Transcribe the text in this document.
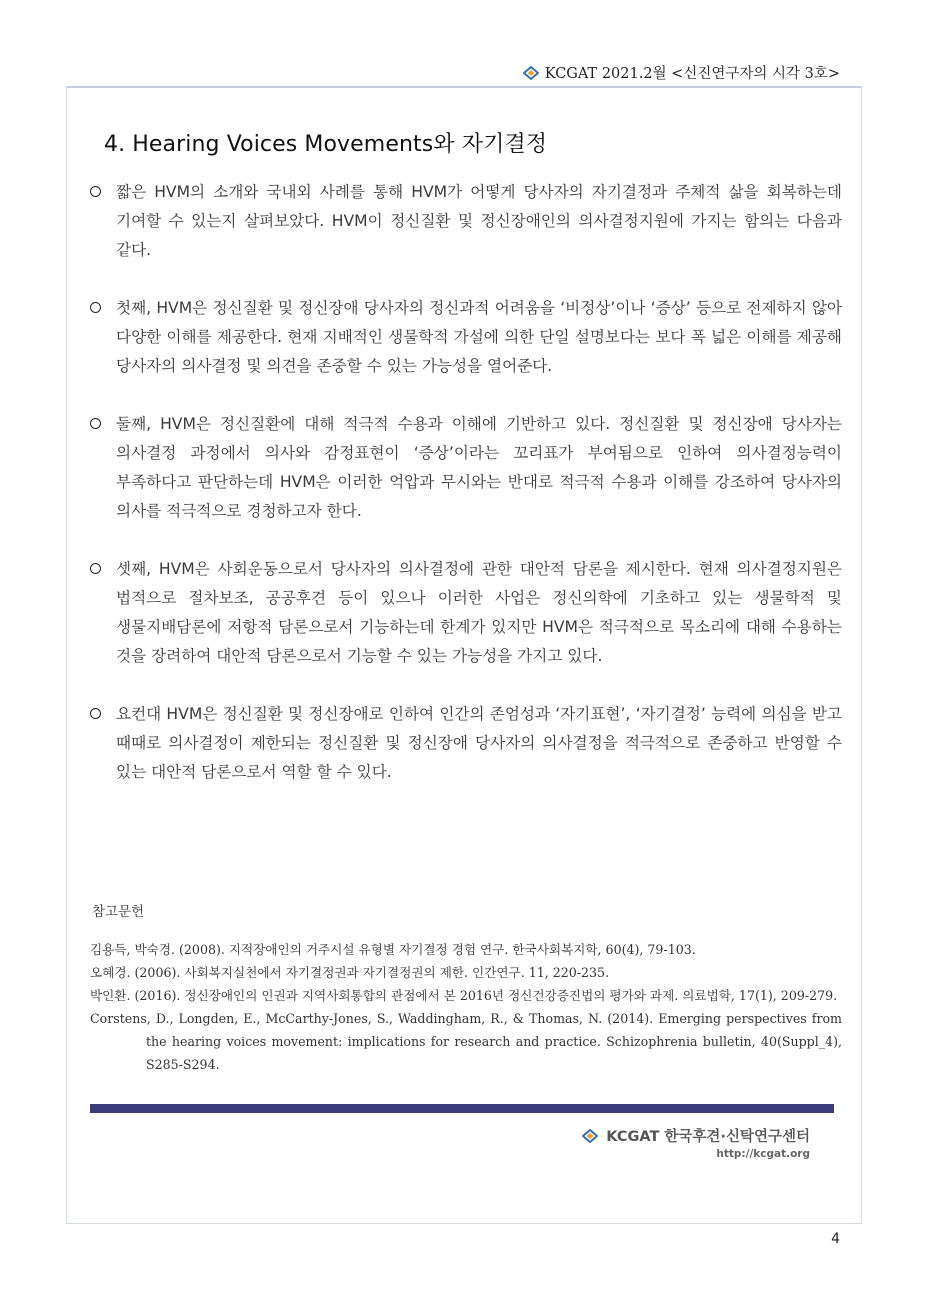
KCGAT 2021.2월 <신진연구자의 시각 3호>
4. Hearing Voices Movements와 자기결정
짧은 HVM의 소개와 국내외 사례를 통해 HVM가 어떻게 당사자의 자기결정과 주체적 삶을 회복하는데 기여할 수 있는지 살펴보았다. HVM이 정신질환 및 정신장애인의 의사결정지원에 가지는 함의는 다음과 같다.
첫째, HVM은 정신질환 및 정신장애 당사자의 정신과적 어려움을 ‘비정상’이나 ‘증상’ 등으로 전제하지 않아 다양한 이해를 제공한다. 현재 지배적인 생물학적 가설에 의한 단일 설명보다는 보다 폭 넓은 이해를 제공해 당사자의 의사결정 및 의견을 존중할 수 있는 가능성을 열어준다.
둘째, HVM은 정신질환에 대해 적극적 수용과 이해에 기반하고 있다. 정신질환 및 정신장애 당사자는 의사결정 과정에서 의사와 감정표현이 ‘증상’이라는 꼬리표가 부여됨으로 인하여 의사결정능력이 부족하다고 판단하는데 HVM은 이러한 억압과 무시와는 반대로 적극적 수용과 이해를 강조하여 당사자의 의사를 적극적으로 경청하고자 한다.
셋째, HVM은 사회운동으로서 당사자의 의사결정에 관한 대안적 담론을 제시한다. 현재 의사결정지원은 법적으로 절차보조, 공공후견 등이 있으나 이러한 사업은 정신의학에 기초하고 있는 생물학적 및 생물지배담론에 저항적 담론으로서 기능하는데 한계가 있지만 HVM은 적극적으로 목소리에 대해 수용하는 것을 장려하여 대안적 담론으로서 기능할 수 있는 가능성을 가지고 있다.
요컨대 HVM은 정신질환 및 정신장애로 인하여 인간의 존엄성과 ‘자기표현’, ‘자기결정’ 능력에 의심을 받고 때때로 의사결정이 제한되는 정신질환 및 정신장애 당사자의 의사결정을 적극적으로 존중하고 반영할 수 있는 대안적 담론으로서 역할 할 수 있다.
참고문헌
김용득, 박숙경. (2008). 지적장애인의 거주시설 유형별 자기결정 경험 연구. 한국사회복지학, 60(4), 79-103.
오혜경. (2006). 사회복지실천에서 자기결정권과 자기결정권의 제한. 인간연구. 11, 220-235.
박인환. (2016). 정신장애인의 인권과 지역사회통합의 관점에서 본 2016년 정신건강증진법의 평가와 과제. 의료법학, 17(1), 209-279.
Corstens, D., Longden, E., McCarthy-Jones, S., Waddingham, R., & Thomas, N. (2014). Emerging perspectives from the hearing voices movement: implications for research and practice. Schizophrenia bulletin, 40(Suppl_4), S285-S294.
KCGAT 한국후견·신탁연구센터
http://kcgat.org
4
